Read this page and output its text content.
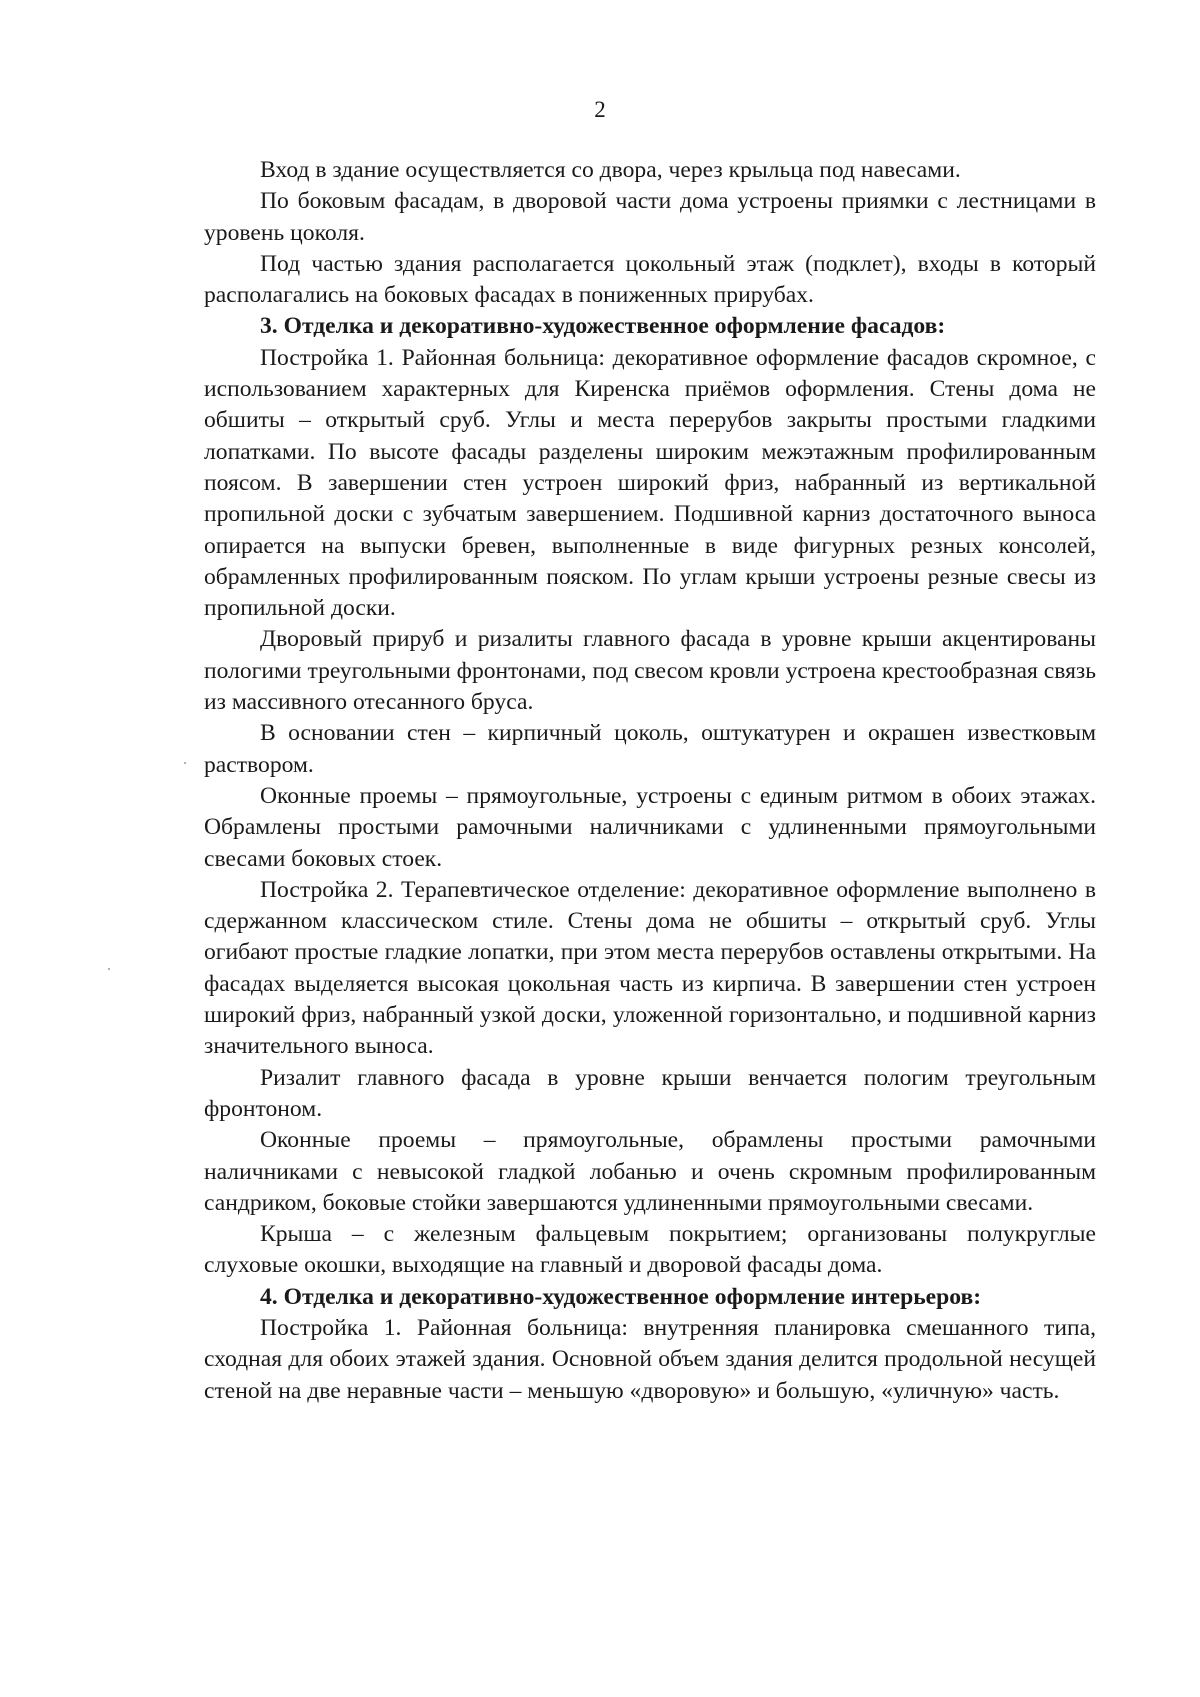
2

Вход в здание осуществляется со двора, через крыльца под навесами.

По боковым фасадам, в дворовой части дома устроены приямки с лестницами в уровень цоколя.

Под частью здания располагается цокольный этаж (подклет), входы в который располагались на боковых фасадах в пониженных прирубах.

3. Отделка и декоративно-художественное оформление фасадов:

Постройка 1. Районная больница: декоративное оформление фасадов скромное, с использованием характерных для Киренска приёмов оформления. Стены дома не обшиты – открытый сруб. Углы и места перерубов закрыты простыми гладкими лопатками. По высоте фасады разделены широким межэтажным профилированным поясом. В завершении стен устроен широкий фриз, набранный из вертикальной пропильной доски с зубчатым завершением. Подшивной карниз достаточного выноса опирается на выпуски бревен, выполненные в виде фигурных резных консолей, обрамленных профилированным пояском. По углам крыши устроены резные свесы из пропильной доски.

Дворовый прируб и ризалиты главного фасада в уровне крыши акцентированы пологими треугольными фронтонами, под свесом кровли устроена крестообразная связь из массивного отесанного бруса.

В основании стен – кирпичный цоколь, оштукатурен и окрашен известковым раствором.

Оконные проемы – прямоугольные, устроены с единым ритмом в обоих этажах. Обрамлены простыми рамочными наличниками с удлиненными прямоугольными свесами боковых стоек.

Постройка 2. Терапевтическое отделение: декоративное оформление выполнено в сдержанном классическом стиле. Стены дома не обшиты – открытый сруб. Углы огибают простые гладкие лопатки, при этом места перерубов оставлены открытыми. На фасадах выделяется высокая цокольная часть из кирпича. В завершении стен устроен широкий фриз, набранный узкой доски, уложенной горизонтально, и подшивной карниз значительного выноса.

Ризалит главного фасада в уровне крыши венчается пологим треугольным фронтоном.

Оконные проемы – прямоугольные, обрамлены простыми рамочными наличниками с невысокой гладкой лобанью и очень скромным профилированным сандриком, боковые стойки завершаются удлиненными прямоугольными свесами.

Крыша – с железным фальцевым покрытием; организованы полукруглые слуховые окошки, выходящие на главный и дворовой фасады дома.

4. Отделка и декоративно-художественное оформление интерьеров:

Постройка 1. Районная больница: внутренняя планировка смешанного типа, сходная для обоих этажей здания. Основной объем здания делится продольной несущей стеной на две неравные части – меньшую «дворовую» и большую, «уличную» часть.
